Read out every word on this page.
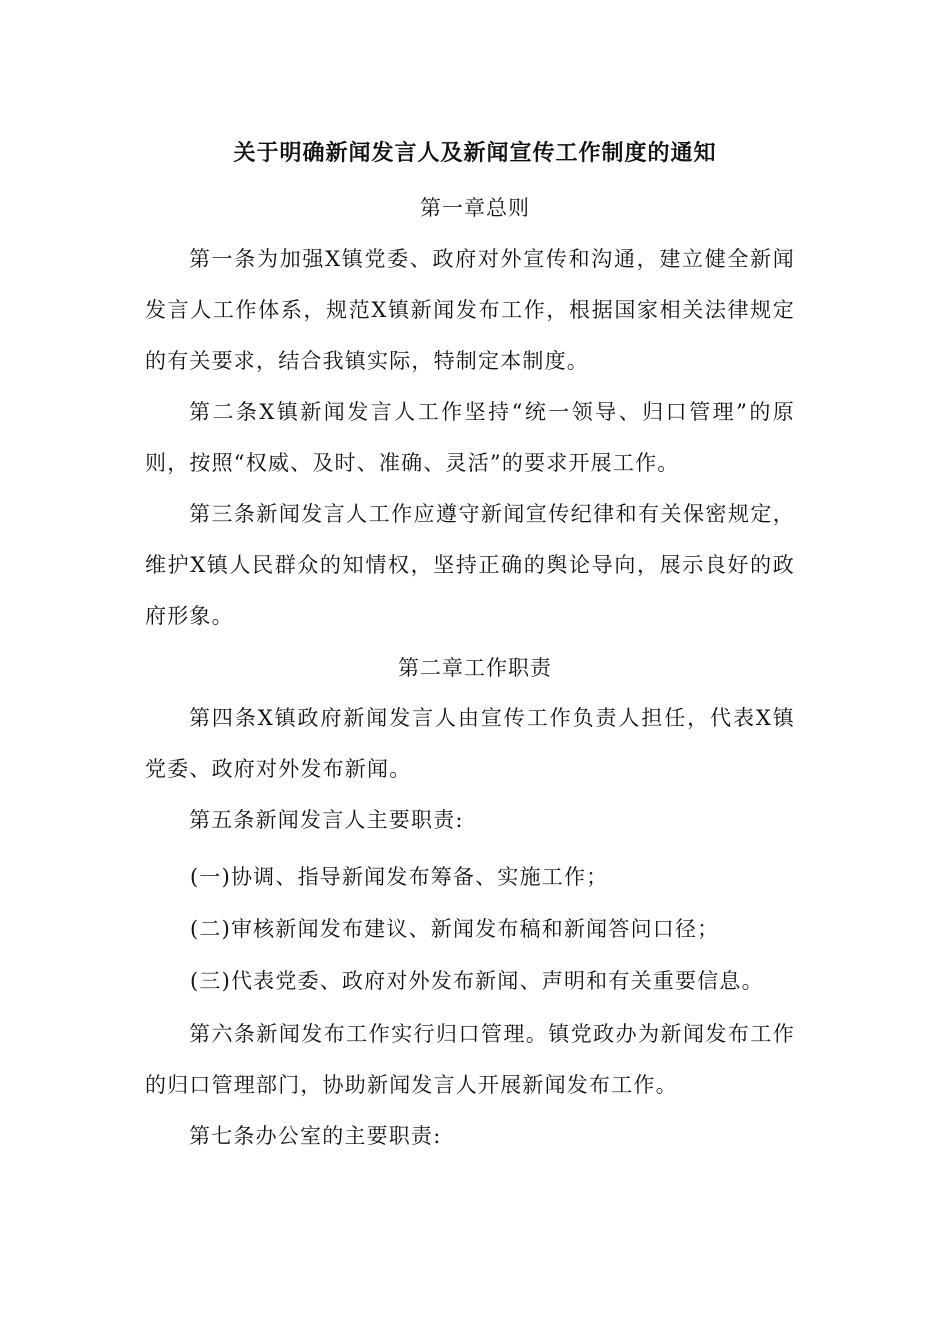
关于明确新闻发言人及新闻宣传工作制度的通知
第一章总则

第一条为加强X镇党委、政府对外宣传和沟通，建立健全新闻发言人工作体系，规范X镇新闻发布工作，根据国家相关法律规定的有关要求，结合我镇实际，特制定本制度。

第二条X镇新闻发言人工作坚持“统一领导、归口管理”的原则，按照“权威、及时、准确、灵活”的要求开展工作。

第三条新闻发言人工作应遵守新闻宣传纪律和有关保密规定，维护X镇人民群众的知情权，坚持正确的舆论导向，展示良好的政府形象。

第二章工作职责

第四条X镇政府新闻发言人由宣传工作负责人担任，代表X镇党委、政府对外发布新闻。

第五条新闻发言人主要职责:

(一)协调、指导新闻发布筹备、实施工作；

(二)审核新闻发布建议、新闻发布稿和新闻答问口径；

(三)代表党委、政府对外发布新闻、声明和有关重要信息。

第六条新闻发布工作实行归口管理。镇党政办为新闻发布工作的归口管理部门，协助新闻发言人开展新闻发布工作。

第七条办公室的主要职责:
